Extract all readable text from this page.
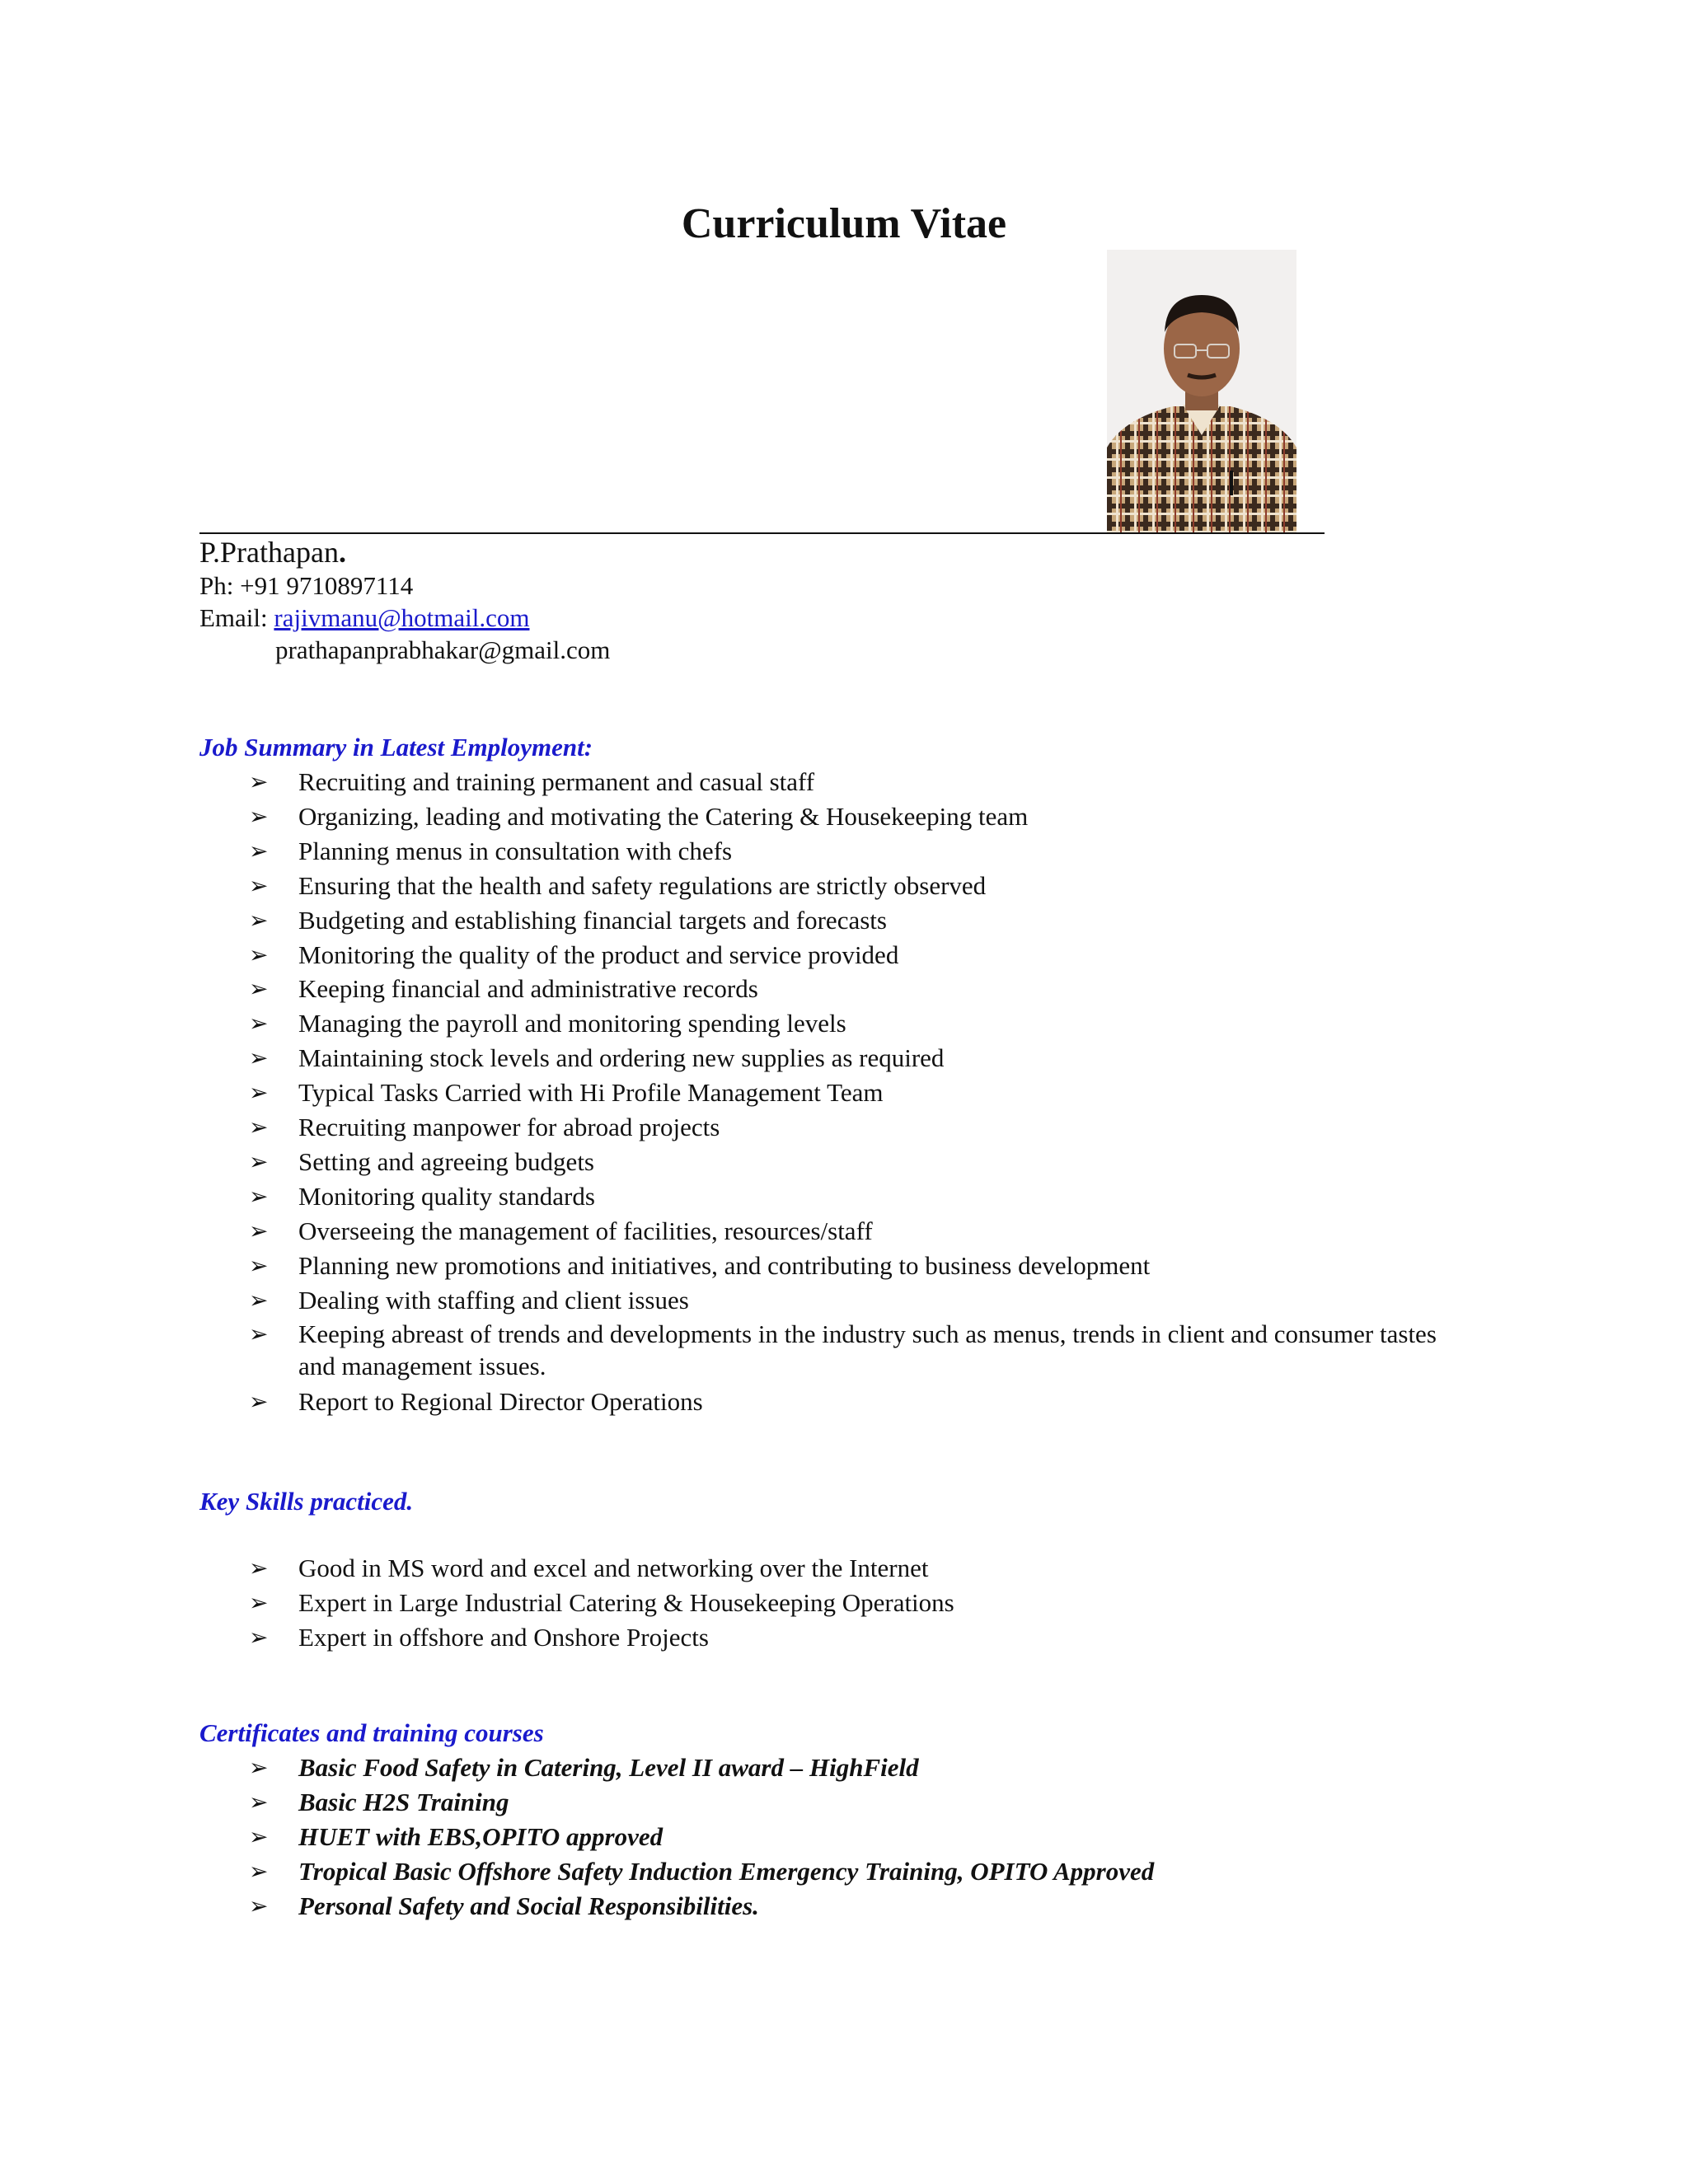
Curriculum Vitae
P.Prathapan.
Ph: +91 9710897114
Email: rajivmanu@hotmail.com
prathapanprabhakar@gmail.com
Job Summary in Latest Employment:
➢ Recruiting and training permanent and casual staff
➢ Organizing, leading and motivating the Catering & Housekeeping team
➢ Planning menus in consultation with chefs
➢ Ensuring that the health and safety regulations are strictly observed
➢ Budgeting and establishing financial targets and forecasts
➢ Monitoring the quality of the product and service provided
➢ Keeping financial and administrative records
➢ Managing the payroll and monitoring spending levels
➢ Maintaining stock levels and ordering new supplies as required
➢ Typical Tasks Carried with Hi Profile Management Team
➢ Recruiting manpower for abroad projects
➢ Setting and agreeing budgets
➢ Monitoring quality standards
➢ Overseeing the management of facilities, resources/staff
➢ Planning new promotions and initiatives, and contributing to business development
➢ Dealing with staffing and client issues
➢ Keeping abreast of trends and developments in the industry such as menus, trends in client and consumer tastes and management issues.
➢ Report to Regional Director Operations
Key Skills practiced.
➢ Good in MS word and excel and networking over the Internet
➢ Expert in Large Industrial Catering & Housekeeping Operations
➢ Expert in offshore and Onshore Projects
Certificates and training courses
➢ Basic Food Safety in Catering, Level II award – HighField
➢ Basic H2S Training
➢ HUET with EBS,OPITO approved
➢ Tropical Basic Offshore Safety Induction Emergency Training, OPITO Approved
➢ Personal Safety and Social Responsibilities.
